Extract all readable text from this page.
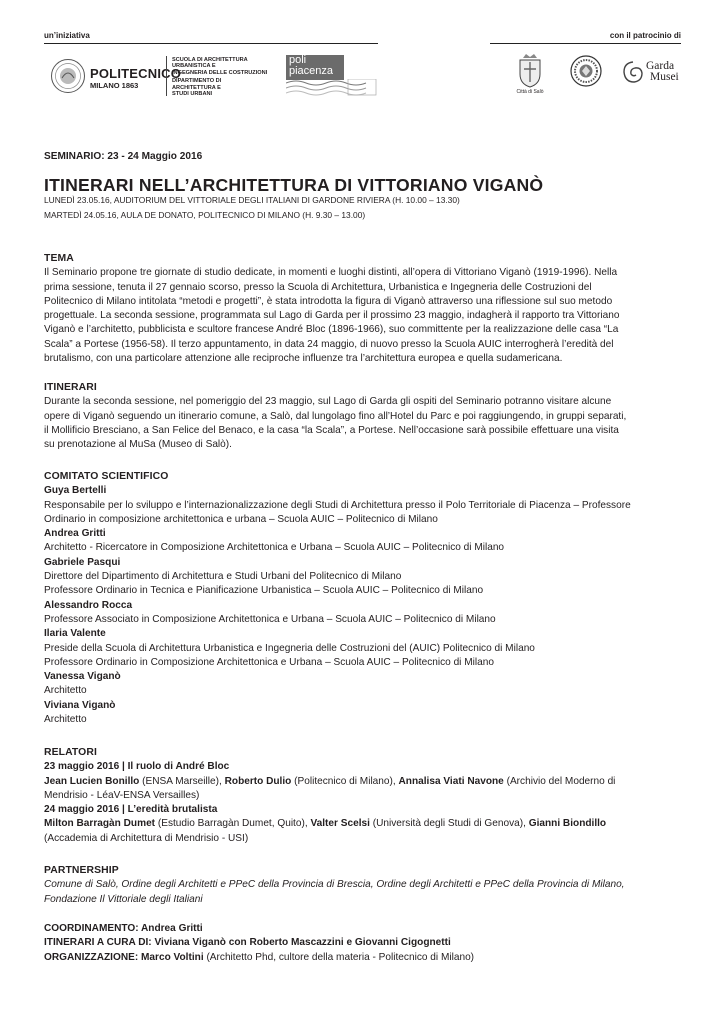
un’iniziativa	con il patrocinio di
POLITECNICO
MILANO 1863
SCUOLA DI ARCHITETTURA
URBANISTICA E
INGEGNERIA DELLE COSTRUZIONI
DIPARTIMENTO DI
ARCHITETTURA E
STUDI URBANI
poli
piacenza
Città di Salò
Garda
Musei
SEMINARIO: 23 - 24 Maggio 2016
ITINERARI NELL’ARCHITETTURA DI VITTORIANO VIGANÒ
LUNEDÌ 23.05.16, AUDITORIUM DEL VITTORIALE DEGLI ITALIANI DI GARDONE RIVIERA (H. 10.00 – 13.30)
MARTEDÌ 24.05.16, AULA DE DONATO, POLITECNICO DI MILANO (H. 9.30 – 13.00)
TEMA
Il Seminario propone tre giornate di studio dedicate, in momenti e luoghi distinti, all’opera di Vittoriano Viganò (1919-1996). Nella
prima sessione, tenuta il 27 gennaio scorso, presso la Scuola di Architettura, Urbanistica e Ingegneria delle Costruzioni del
Politecnico di Milano intitolata “metodi e progetti”, è stata introdotta la figura di Viganò attraverso una riflessione sul suo metodo
progettuale. La seconda sessione, programmata sul Lago di Garda per il prossimo 23 maggio, indagherà il rapporto tra Vittoriano
Viganò e l’architetto, pubblicista e scultore francese André Bloc (1896-1966), suo committente per la realizzazione delle casa “La
Scala” a Portese (1956-58). Il terzo appuntamento, in data 24 maggio, di nuovo presso la Scuola AUIC interrogherà l’eredità del
brutalismo, con una particolare attenzione alle reciproche influenze tra l’architettura europea e quella sudamericana.
ITINERARI
Durante la seconda sessione, nel pomeriggio del 23 maggio, sul Lago di Garda gli ospiti del Seminario potranno visitare alcune
opere di Viganò seguendo un itinerario comune, a Salò, dal lungolago fino all’Hotel du Parc e poi raggiungendo, in gruppi separati,
il Mollificio Bresciano, a San Felice del Benaco, e la casa “la Scala”, a Portese. Nell’occasione sarà possibile effettuare una visita
su prenotazione al MuSa (Museo di Salò).
COMITATO SCIENTIFICO
Guya Bertelli
Responsabile per lo sviluppo e l’internazionalizzazione degli Studi di Architettura presso il Polo Territoriale di Piacenza – Professore
Ordinario in composizione architettonica e urbana – Scuola AUIC – Politecnico di Milano
Andrea Gritti
Architetto - Ricercatore in Composizione Architettonica e Urbana – Scuola AUIC – Politecnico di Milano
Gabriele Pasqui
Direttore del Dipartimento di Architettura e Studi Urbani del Politecnico di Milano
Professore Ordinario in Tecnica e Pianificazione Urbanistica – Scuola AUIC – Politecnico di Milano
Alessandro Rocca
Professore Associato in Composizione Architettonica e Urbana – Scuola AUIC – Politecnico di Milano
Ilaria Valente
Preside della Scuola di Architettura Urbanistica e Ingegneria delle Costruzioni del (AUIC) Politecnico di Milano
Professore Ordinario in Composizione Architettonica e Urbana – Scuola AUIC – Politecnico di Milano
Vanessa Viganò
Architetto
Viviana Viganò
Architetto
RELATORI
23 maggio 2016 | Il ruolo di André Bloc
Jean Lucien Bonillo (ENSA Marseille), Roberto Dulio (Politecnico di Milano), Annalisa Viati Navone (Archivio del Moderno di
Mendrisio - LéaV-ENSA Versailles)
24 maggio 2016 | L’eredità brutalista
Milton Barragàn Dumet (Estudio Barragàn Dumet, Quito), Valter Scelsi (Università degli Studi di Genova), Gianni Biondillo
(Accademia di Architettura di Mendrisio - USI)
PARTNERSHIP
Comune di Salò, Ordine degli Architetti e PPeC della Provincia di Brescia, Ordine degli Architetti e PPeC della Provincia di Milano,
Fondazione Il Vittoriale degli Italiani
COORDINAMENTO: Andrea Gritti
ITINERARI A CURA DI: Viviana Viganò con Roberto Mascazzini e Giovanni Cigognetti
ORGANIZZAZIONE: Marco Voltini (Architetto Phd, cultore della materia - Politecnico di Milano)
